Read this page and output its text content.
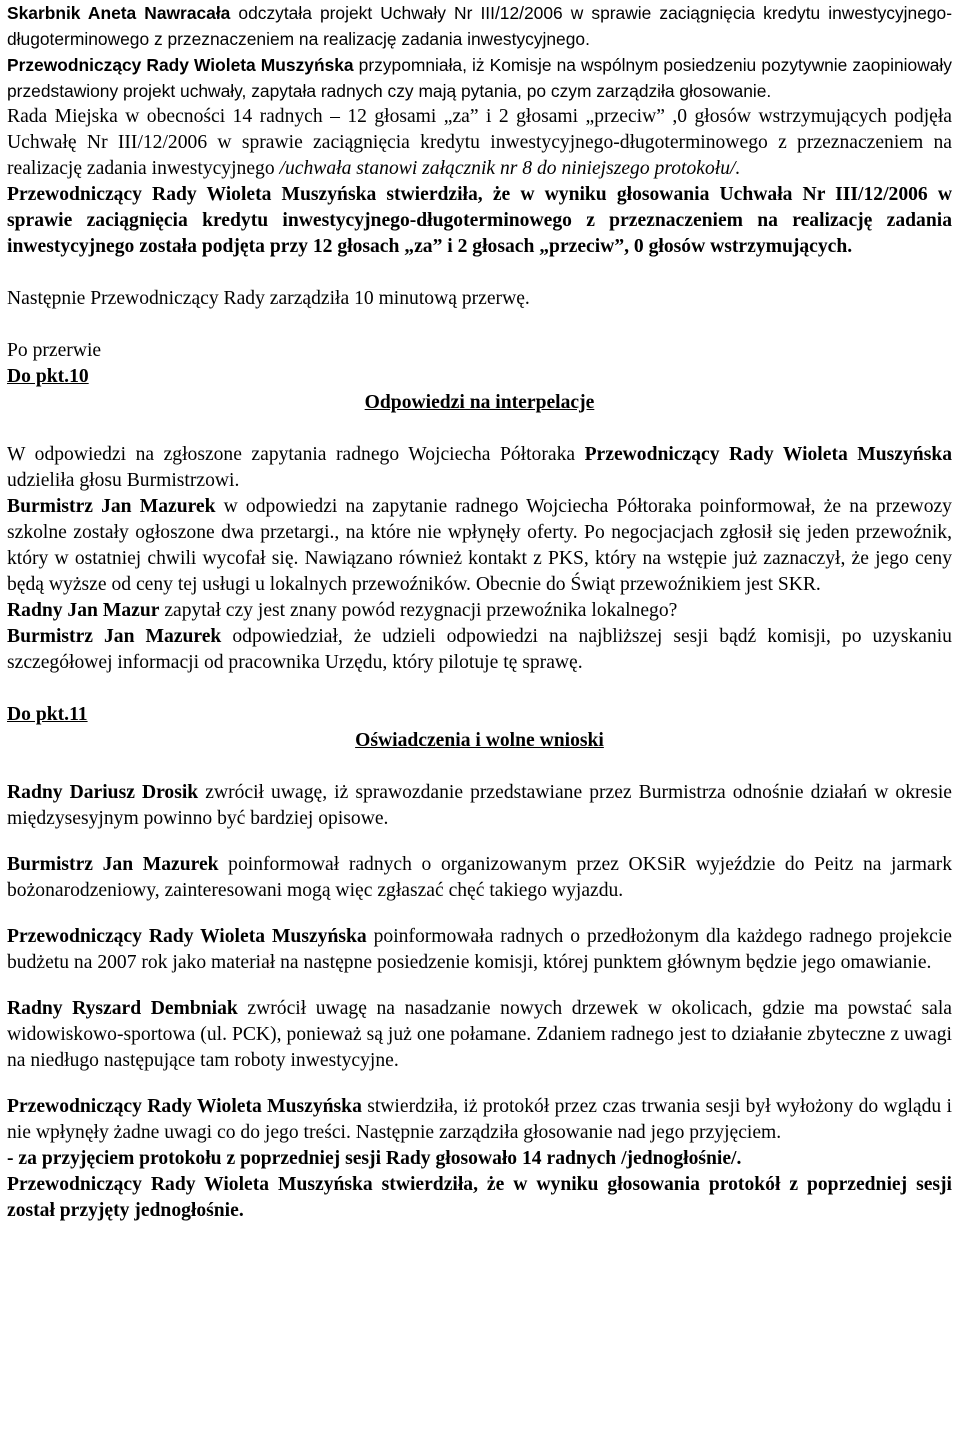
Skarbnik Aneta Nawracała odczytała projekt Uchwały Nr III/12/2006 w sprawie zaciągnięcia kredytu inwestycyjnego-długoterminowego z przeznaczeniem na realizację zadania inwestycyjnego.

Przewodniczący Rady Wioleta Muszyńska przypomniała, iż Komisje na wspólnym posiedzeniu pozytywnie zaopiniowały przedstawiony projekt uchwały, zapytała radnych czy mają pytania, po czym zarządziła głosowanie.

Rada Miejska w obecności 14 radnych – 12 głosami „za” i 2 głosami „przeciw” ,0 głosów wstrzymujących podjęła Uchwałę Nr III/12/2006 w sprawie zaciągnięcia kredytu inwestycyjnego-długoterminowego z przeznaczeniem na realizację zadania inwestycyjnego /uchwała stanowi załącznik nr 8 do niniejszego protokołu/.

Przewodniczący Rady Wioleta Muszyńska stwierdziła, że w wyniku głosowania Uchwała Nr III/12/2006 w sprawie zaciągnięcia kredytu inwestycyjnego-długoterminowego z przeznaczeniem na realizację zadania inwestycyjnego została podjęta przy 12 głosach „za” i 2 głosach „przeciw”, 0 głosów wstrzymujących.

Następnie Przewodniczący Rady zarządziła 10 minutową przerwę.

Po przerwie

Do pkt.10

Odpowiedzi na interpelacje

W odpowiedzi na zgłoszone zapytania radnego Wojciecha Półtoraka Przewodniczący Rady Wioleta Muszyńska udzieliła głosu Burmistrzowi.

Burmistrz Jan Mazurek w odpowiedzi na zapytanie radnego Wojciecha Półtoraka poinformował, że na przewozy szkolne zostały ogłoszone dwa przetargi., na które nie wpłynęły oferty. Po negocjacjach zgłosił się jeden przewoźnik, który w ostatniej chwili wycofał się. Nawiązano również kontakt z PKS, który na wstępie już zaznaczył, że jego ceny będą wyższe od ceny tej usługi u lokalnych przewoźników. Obecnie do Świąt przewoźnikiem jest SKR.

Radny Jan Mazur zapytał czy jest znany powód rezygnacji przewoźnika lokalnego?

Burmistrz Jan Mazurek odpowiedział, że udzieli odpowiedzi na najbliższej sesji bądź komisji, po uzyskaniu szczegółowej informacji od pracownika Urzędu, który pilotuje tę sprawę.

Do pkt.11

Oświadczenia i wolne wnioski

Radny Dariusz Drosik zwrócił uwagę, iż sprawozdanie przedstawiane przez Burmistrza odnośnie działań w okresie międzysesyjnym powinno być bardziej opisowe.

Burmistrz Jan Mazurek poinformował radnych o organizowanym przez OKSiR wyjeździe do Peitz na jarmark bożonarodzeniowy, zainteresowani mogą więc zgłaszać chęć takiego wyjazdu.

Przewodniczący Rady Wioleta Muszyńska poinformowała radnych o przedłożonym dla każdego radnego projekcie budżetu na 2007 rok jako materiał na następne posiedzenie komisji, której punktem głównym będzie jego omawianie.

Radny Ryszard Dembniak zwrócił uwagę na nasadzanie nowych drzewek w okolicach, gdzie ma powstać sala widowiskowo-sportowa (ul. PCK), ponieważ są już one połamane. Zdaniem radnego jest to działanie zbyteczne z uwagi na niedługo następujące tam roboty inwestycyjne.

Przewodniczący Rady Wioleta Muszyńska stwierdziła, iż protokół przez czas trwania sesji był wyłożony do wglądu i nie wpłynęły żadne uwagi co do jego treści. Następnie zarządziła głosowanie nad jego przyjęciem.

- za przyjęciem protokołu z poprzedniej sesji Rady głosowało 14 radnych /jednogłośnie/.

Przewodniczący Rady Wioleta Muszyńska stwierdziła, że w wyniku głosowania protokół z poprzedniej sesji został przyjęty jednogłośnie.
